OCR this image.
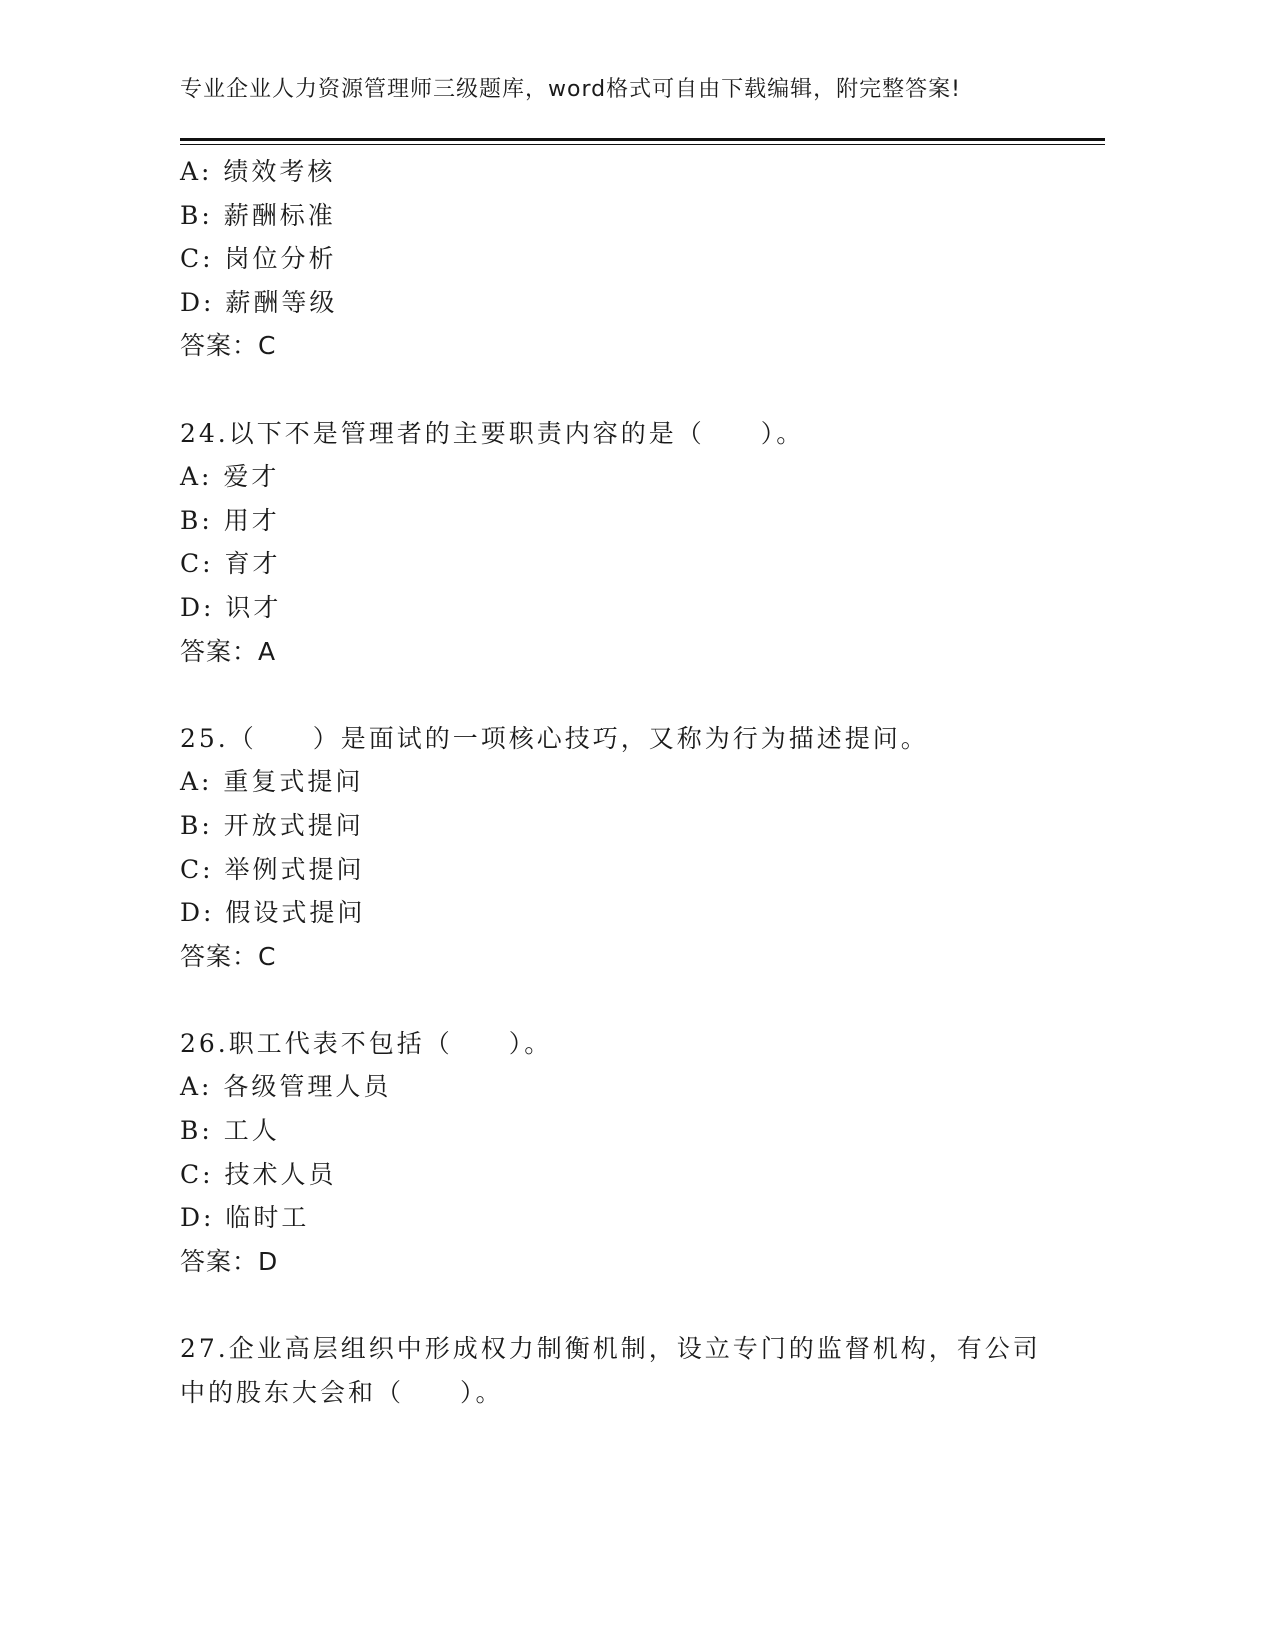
专业企业人力资源管理师三级题库，word格式可自由下载编辑，附完整答案!
A: 绩效考核
B: 薪酬标准
C: 岗位分析
D: 薪酬等级
答案：C
24.以下不是管理者的主要职责内容的是（　　）。
A: 爱才
B: 用才
C: 育才
D: 识才
答案：A
25.（　　）是面试的一项核心技巧，又称为行为描述提问。
A: 重复式提问
B: 开放式提问
C: 举例式提问
D: 假设式提问
答案：C
26.职工代表不包括（　　）。
A: 各级管理人员
B: 工人
C: 技术人员
D: 临时工
答案：D
27.企业高层组织中形成权力制衡机制，设立专门的监督机构，有公司
中的股东大会和（　　）。
